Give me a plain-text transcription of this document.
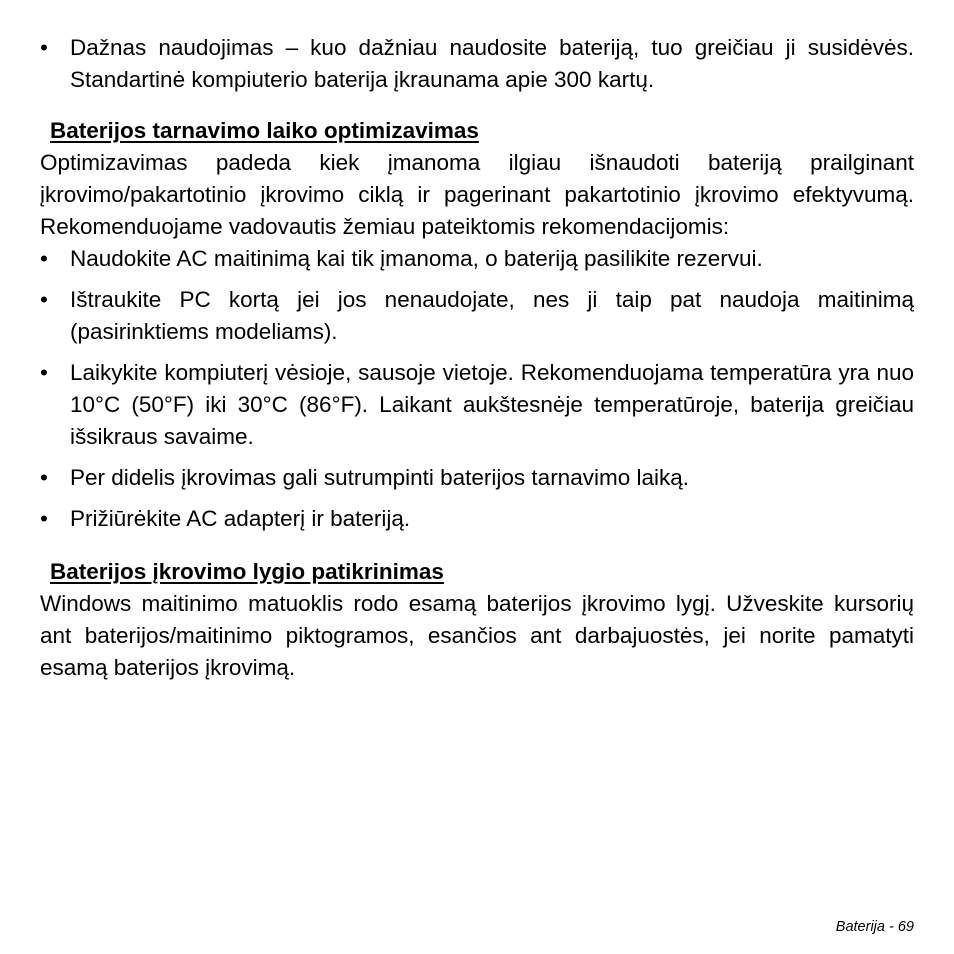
• Dažnas naudojimas – kuo dažniau naudosite bateriją, tuo greičiau ji susidėvės. Standartinė kompiuterio baterija įkraunama apie 300 kartų.
Baterijos tarnavimo laiko optimizavimas

Optimizavimas padeda kiek įmanoma ilgiau išnaudoti bateriją prailginant įkrovimo/pakartotinio įkrovimo ciklą ir pagerinant pakartotinio įkrovimo efektyvumą. Rekomenduojame vadovautis žemiau pateiktomis rekomendacijomis:

• Naudokite AC maitinimą kai tik įmanoma, o bateriją pasilikite rezervui.
• Ištraukite PC kortą jei jos nenaudojate, nes ji taip pat naudoja maitinimą (pasirinktiems modeliams).
• Laikykite kompiuterį vėsioje, sausoje vietoje. Rekomenduojama temperatūra yra nuo 10°C (50°F) iki 30°C (86°F). Laikant aukštesnėje temperatūroje, baterija greičiau išsikraus savaime.
• Per didelis įkrovimas gali sutrumpinti baterijos tarnavimo laiką.
• Prižiūrėkite AC adapterį ir bateriją.
Baterijos įkrovimo lygio patikrinimas

Windows maitinimo matuoklis rodo esamą baterijos įkrovimo lygį. Užveskite kursorių ant baterijos/maitinimo piktogramos, esančios ant darbajuostės, jei norite pamatyti esamą baterijos įkrovimą.

Baterija - 69
